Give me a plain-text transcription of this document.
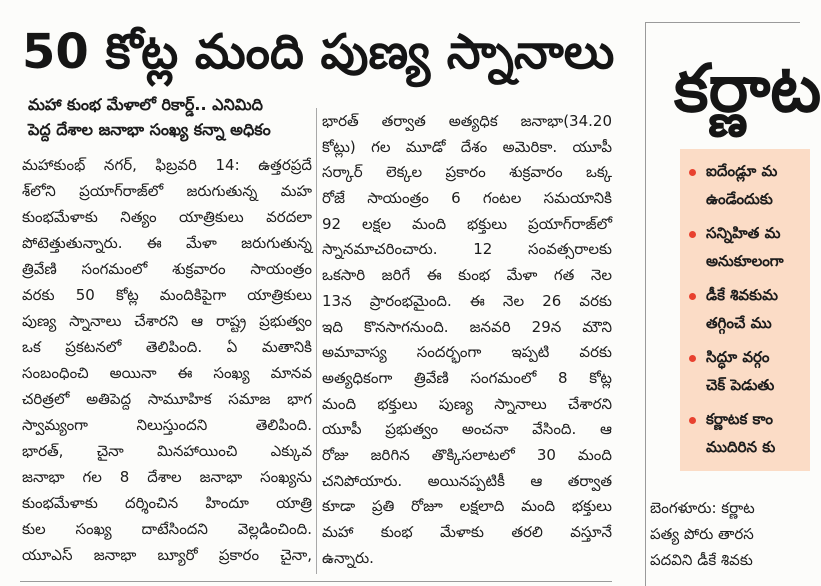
50 కోట్ల మంది పుణ్య స్నానాలు
మహా కుంభ మేళాలో రికార్డ్.. ఎనిమిది
పెద్ద దేశాల జనాభా సంఖ్య కన్నా అధికం
మహాకుంభ్ నగర్, ఫిబ్రవరి 14: ఉత్తరప్రదే
శ్‌లోని ప్రయాగ్‌రాజ్‌లో జరుగుతున్న మహ
కుంభమేళాకు నిత్యం యాత్రికులు వరదలా
పోటెత్తుతున్నారు. ఈ మేళా జరుగుతున్న
త్రివేణి సంగమంలో శుక్రవారం సాయంత్రం
వరకు 50 కోట్ల మందికిపైగా యాత్రికులు
పుణ్య స్నానాలు చేశారని ఆ రాష్ట్ర ప్రభుత్వం
ఒక ప్రకటనలో తెలిపింది. ఏ మతానికి
సంబంధించి అయినా ఈ సంఖ్య మానవ
చరిత్రలో అతిపెద్ద సామూహిక సమాజ భాగ
స్వామ్యంగా నిలుస్తుందని తెలిపింది.
భారత్, చైనా మినహాయించి ఎక్కువ
జనాభా గల 8 దేశాల జనాభా సంఖ్యను
కుంభమేళాకు దర్శించిన హిందూ యాత్రి
కుల సంఖ్య దాటేసిందని వెల్లడించింది.
యూఎస్ జనాభా బ్యూరో ప్రకారం చైనా,
భారత్ తర్వాత అత్యధిక జనాభా(34.20
కోట్లు) గల మూడో దేశం అమెరికా. యూపీ
సర్కార్ లెక్కల ప్రకారం శుక్రవారం ఒక్క
రోజే సాయంత్రం 6 గంటల సమయానికి
92 లక్షల మంది భక్తులు ప్రయాగ్‌రాజ్‌లో
స్నానమాచరించారు. 12 సంవత్సరాలకు
ఒకసారి జరిగే ఈ కుంభ మేళా గత నెల
13న ప్రారంభమైంది. ఈ నెల 26 వరకు
ఇది కొనసాగనుంది. జనవరి 29న మౌని
అమావాస్య సందర్భంగా ఇప్పటి వరకు
అత్యధికంగా త్రివేణి సంగమంలో 8 కోట్ల
మంది భక్తులు పుణ్య స్నానాలు చేశారని
యూపీ ప్రభుత్వం అంచనా వేసింది. ఆ
రోజు జరిగిన తొక్కిసలాటలో 30 మంది
చనిపోయారు. అయినప్పటికీ ఆ తర్వాత
కూడా ప్రతి రోజూ లక్షలాది మంది భక్తులు
మహా కుంభ మేళాకు తరలి వస్తూనే
ఉన్నారు.
కర్ణాట
ఐదేండ్లూ మ
ఉండేందుకు
సన్నిహిత మ
అనుకూలంగా
డీకే శివకుమ
తగ్గించే ము
సిద్ధూ వర్గం
చెక్ పెడుతు
కర్ణాటక కాం
ముదిరిన కు
బెంగళూరు: కర్ణాట
పత్య పోరు తారస
పదవిని డీకే శివకు
